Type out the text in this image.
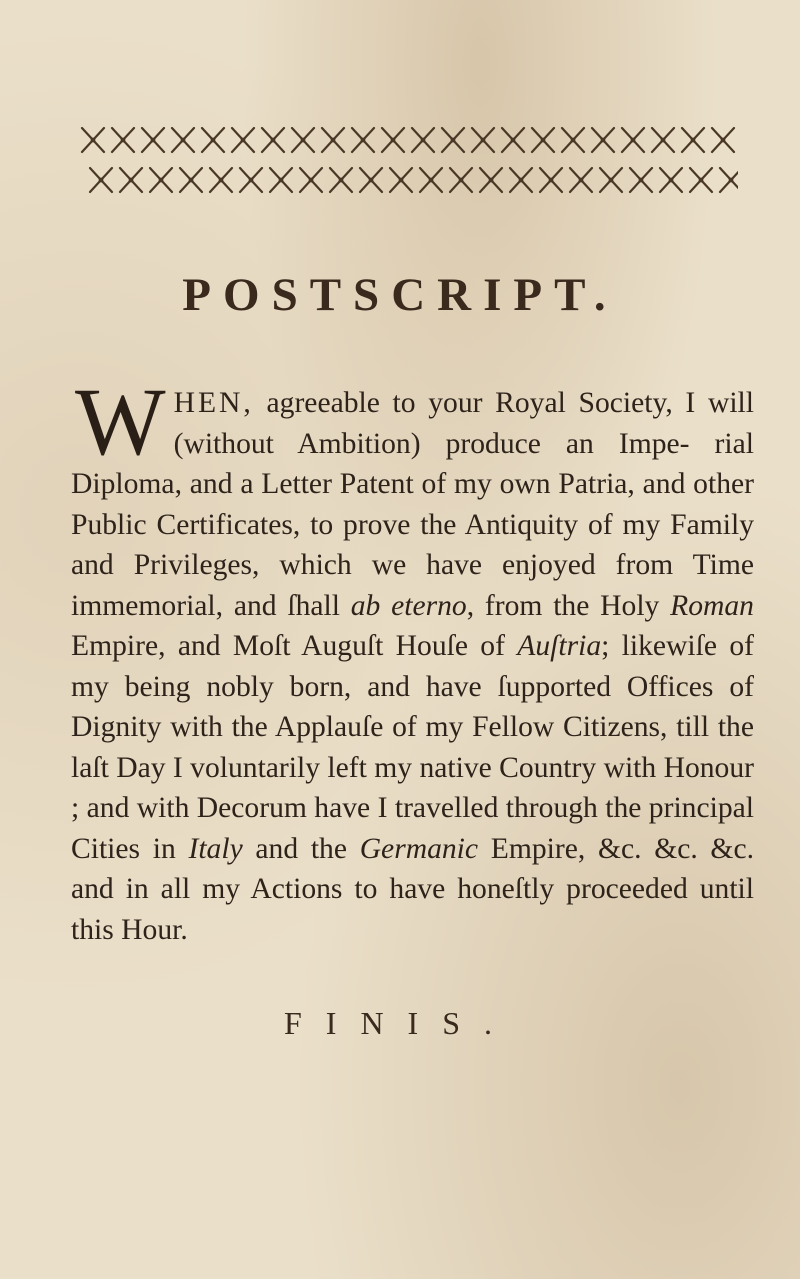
POSTSCRIPT.

WHEN, agreeable to your Royal Society, I will (without Ambition) produce an Impe- rial Diploma, and a Letter Patent of my own Patria, and other Public Certificates, to prove the Antiquity of my Family and Privileges, which we have enjoyed from Time immemorial, and ſhall ab eterno, from the Holy Roman Empire, and Moſt Auguſt Houſe of Auſtria; likewiſe of my being nobly born, and have ſupported Offices of Dignity with the Applauſe of my Fellow Citizens, till the laſt Day I voluntarily left my native Country with Honour ; and with Decorum have I travelled through the principal Cities in Italy and the Germanic Empire, &c. &c. &c. and in all my Actions to have honeſtly proceeded until this Hour.

FINIS.
